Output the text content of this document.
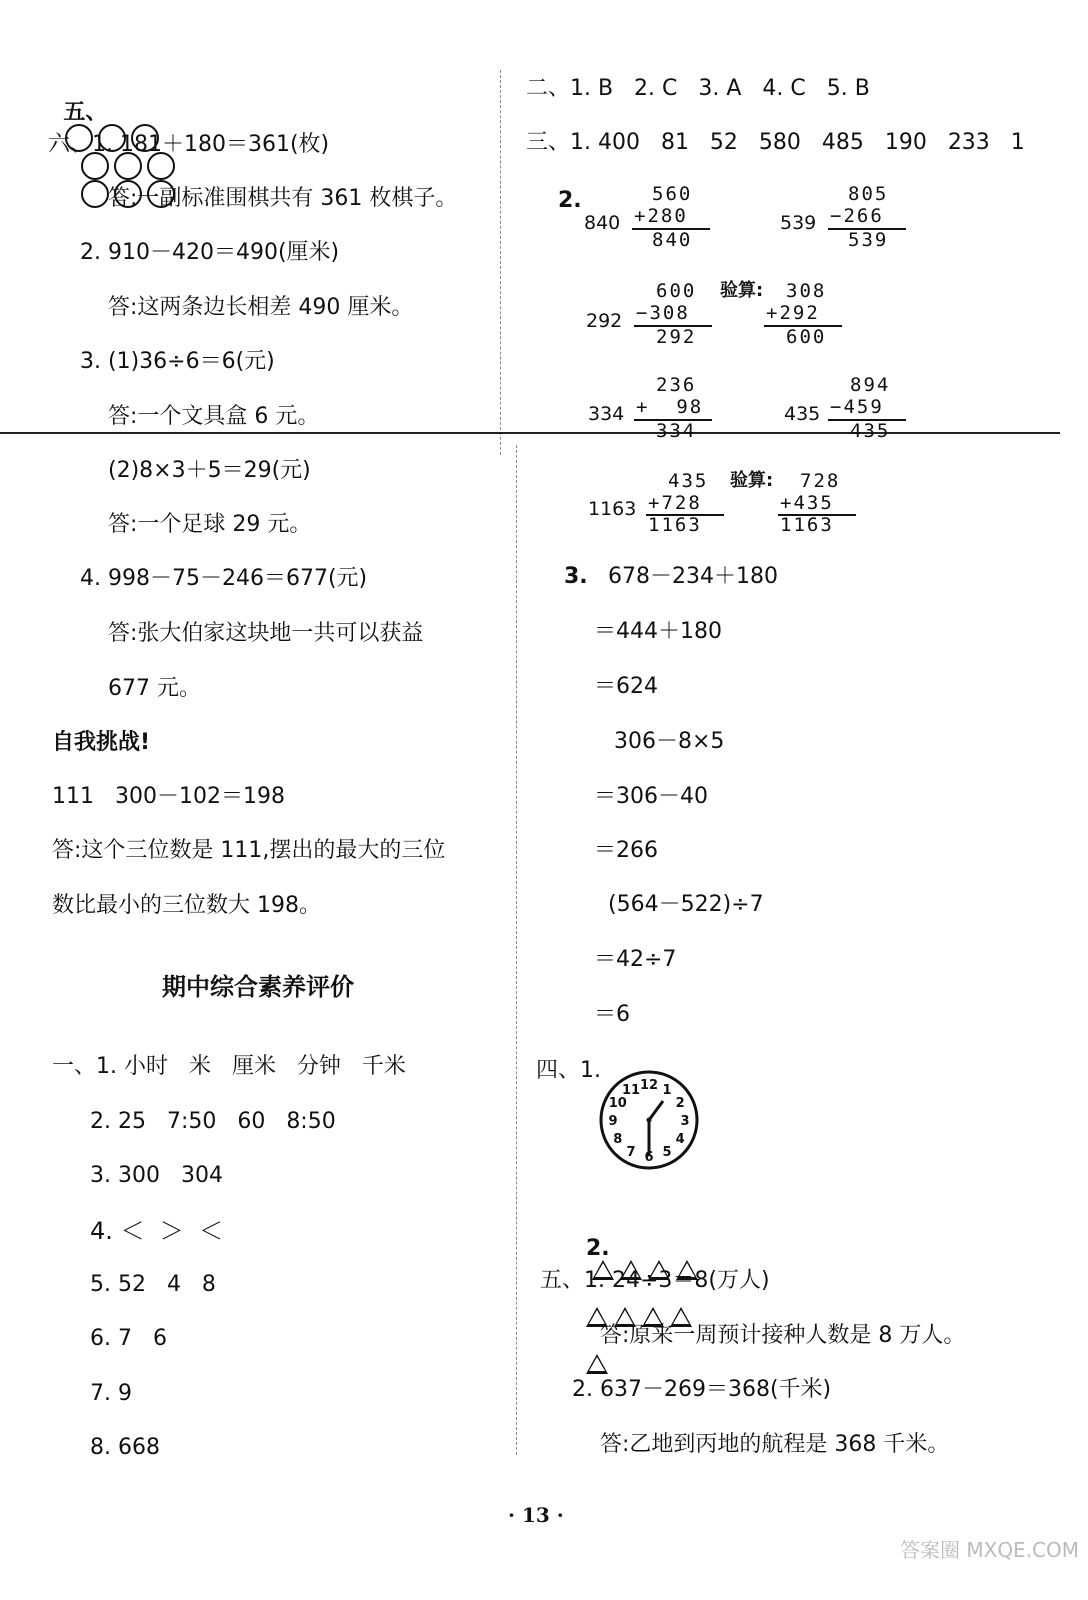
五、

六、1. 181＋180＝361(枚)
答:一副标准围棋共有 361 枚棋子。
2. 910－420＝490(厘米)
答:这两条边长相差 490 厘米。
3. (1)36÷6＝6(元)
答:一个文具盒 6 元。
(2)8×3＋5＝29(元)
答:一个足球 29 元。
4. 998－75－246＝677(元)
答:张大伯家这块地一共可以获益
677 元。
自我挑战!
111   300－102＝198
答:这个三位数是 111,摆出的最大的三位
数比最小的三位数大 198。
期中综合素养评价
一、1. 小时   米   厘米   分钟   千米
2. 25   7:50   60   8:50
3. 300   304
4. ＜  ＞  ＜
5. 52   4   8
6. 7   6
7. 9
8. 668
二、1. B   2. C   3. A   4. C   5. B
三、1. 400   81   52   580   485   190   233   1
2.
840
560
+280
840
539
805
−266
539
292
600
−308
292
验算: 308
+292
600
334
236
+  98
334
435
894
−459
435
1163
435
+728
1163
验算: 728
+435
1163
3. 678－234＋180
＝444＋180
＝624
306－8×5
＝306－40
＝266
(564－522)÷7
＝42÷7
＝6
四、1.
12 1
2
3
4
5
6
7
8
9
10
11

2.

五、1. 24÷3＝8(万人)
答:原来一周预计接种人数是 8 万人。
2. 637－269＝368(千米)
答:乙地到丙地的航程是 368 千米。
· 13 ·
答案圈 MXQE.COM
